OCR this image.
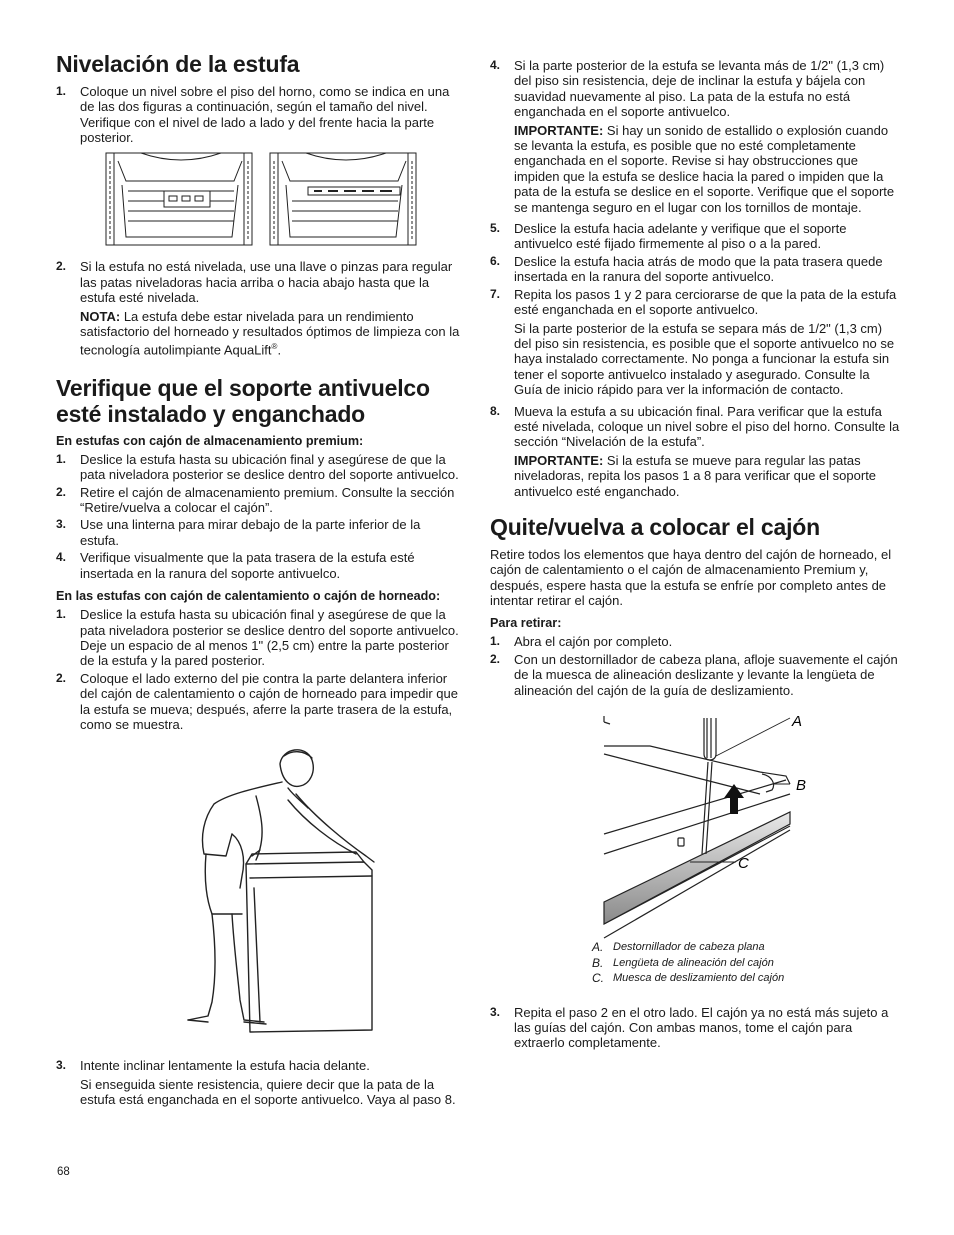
Nivelación de la estufa
1.	Coloque un nivel sobre el piso del horno, como se indica en una de las dos figuras a continuación, según el tamaño del nivel. Verifique con el nivel de lado a lado y del frente hacia la parte posterior.
2.	Si la estufa no está nivelada, use una llave o pinzas para regular las patas niveladoras hacia arriba o hacia abajo hasta que la estufa esté nivelada.
NOTA: La estufa debe estar nivelada para un rendimiento satisfactorio del horneado y resultados óptimos de limpieza con la tecnología autolimpiante AquaLift®.
Verifique que el soporte antivuelco esté instalado y enganchado
En estufas con cajón de almacenamiento premium:
1.	Deslice la estufa hasta su ubicación final y asegúrese de que la pata niveladora posterior se deslice dentro del soporte antivuelco.
2.	Retire el cajón de almacenamiento premium. Consulte la sección “Retire/vuelva a colocar el cajón”.
3.	Use una linterna para mirar debajo de la parte inferior de la estufa.
4.	Verifique visualmente que la pata trasera de la estufa esté insertada en la ranura del soporte antivuelco.
En las estufas con cajón de calentamiento o cajón de horneado:
1.	Deslice la estufa hasta su ubicación final y asegúrese de que la pata niveladora posterior se deslice dentro del soporte antivuelco. Deje un espacio de al menos 1" (2,5 cm) entre la parte posterior de la estufa y la pared posterior.
2.	Coloque el lado externo del pie contra la parte delantera inferior del cajón de calentamiento o cajón de horneado para impedir que la estufa se mueva; después, aferre la parte trasera de la estufa, como se muestra.
3.	Intente inclinar lentamente la estufa hacia delante.
Si enseguida siente resistencia, quiere decir que la pata de la estufa está enganchada en el soporte antivuelco. Vaya al paso 8.
4.	Si la parte posterior de la estufa se levanta más de 1/2" (1,3 cm) del piso sin resistencia, deje de inclinar la estufa y bájela con suavidad nuevamente al piso. La pata de la estufa no está enganchada en el soporte antivuelco.
IMPORTANTE: Si hay un sonido de estallido o explosión cuando se levanta la estufa, es posible que no esté completamente enganchada en el soporte. Revise si hay obstrucciones que impiden que la estufa se deslice hacia la pared o impiden que la pata de la estufa se deslice en el soporte. Verifique que el soporte se mantenga seguro en el lugar con los tornillos de montaje.
5.	Deslice la estufa hacia adelante y verifique que el soporte antivuelco esté fijado firmemente al piso o a la pared.
6.	Deslice la estufa hacia atrás de modo que la pata trasera quede insertada en la ranura del soporte antivuelco.
7.	Repita los pasos 1 y 2 para cerciorarse de que la pata de la estufa esté enganchada en el soporte antivuelco.
Si la parte posterior de la estufa se separa más de 1/2" (1,3 cm) del piso sin resistencia, es posible que el soporte antivuelco no se haya instalado correctamente. No ponga a funcionar la estufa sin tener el soporte antivuelco instalado y asegurado. Consulte la Guía de inicio rápido para ver la información de contacto.
8.	Mueva la estufa a su ubicación final. Para verificar que la estufa esté nivelada, coloque un nivel sobre el piso del horno. Consulte la sección “Nivelación de la estufa”.
IMPORTANTE: Si la estufa se mueve para regular las patas niveladoras, repita los pasos 1 a 8 para verificar que el soporte antivuelco esté enganchado.
Quite/vuelva a colocar el cajón
Retire todos los elementos que haya dentro del cajón de horneado, el cajón de calentamiento o el cajón de almacenamiento Premium y, después, espere hasta que la estufa se enfríe por completo antes de intentar retirar el cajón.
Para retirar:
1.	Abra el cajón por completo.
2.	Con un destornillador de cabeza plana, afloje suavemente el cajón de la muesca de alineación deslizante y levante la lengüeta de alineación del cajón de la guía de deslizamiento.
A
B
C
A. Destornillador de cabeza plana
B. Lengüeta de alineación del cajón
C. Muesca de deslizamiento del cajón
3.	Repita el paso 2 en el otro lado. El cajón ya no está más sujeto a las guías del cajón. Con ambas manos, tome el cajón para extraerlo completamente.
68
